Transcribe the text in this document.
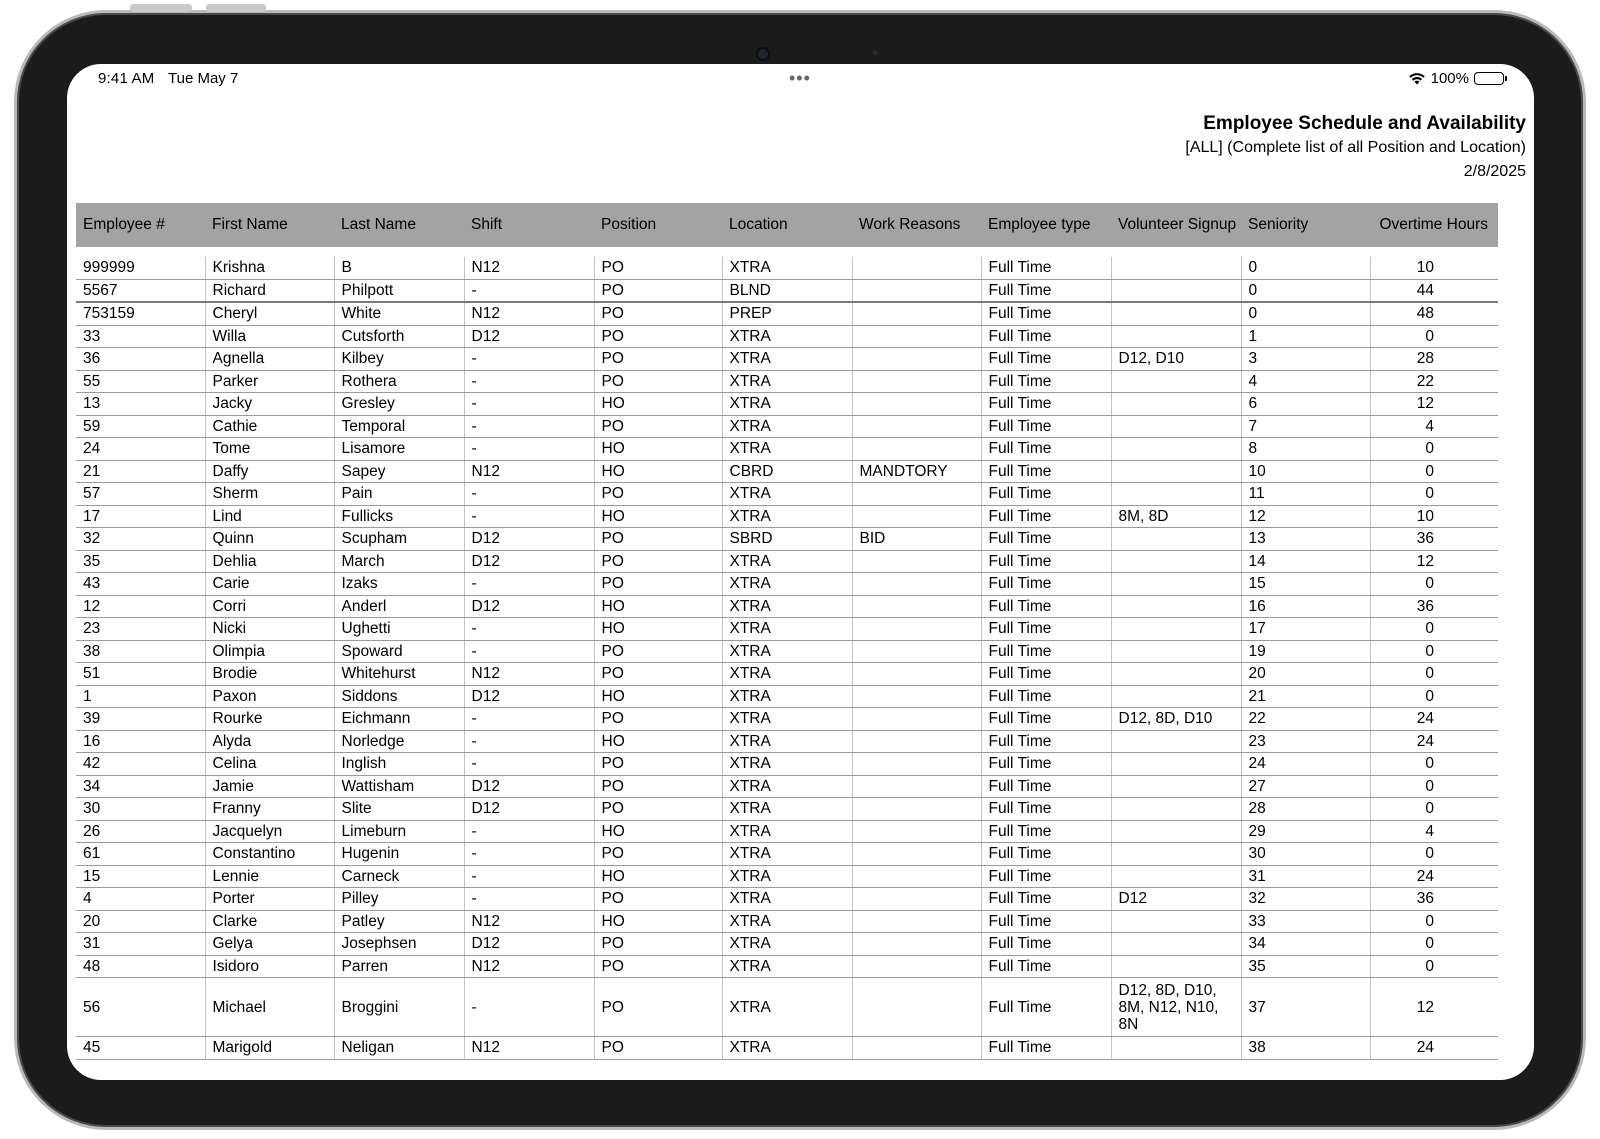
9:41 AM Tue May 7	•••	100%
Employee Schedule and Availability
[ALL] (Complete list of all Position and Location)
2/8/2025
Employee #	First Name	Last Name	Shift	Position	Location	Work Reasons	Employee type	Volunteer Signup	Seniority	Overtime Hours

999999	Krishna	B	N12	PO	XTRA		Full Time		0	10
5567	Richard	Philpott	-	PO	BLND		Full Time		0	44
753159	Cheryl	White	N12	PO	PREP		Full Time		0	48
33	Willa	Cutsforth	D12	PO	XTRA		Full Time		1	0
36	Agnella	Kilbey	-	PO	XTRA		Full Time	D12, D10	3	28
55	Parker	Rothera	-	PO	XTRA		Full Time		4	22
13	Jacky	Gresley	-	HO	XTRA		Full Time		6	12
59	Cathie	Temporal	-	PO	XTRA		Full Time		7	4
24	Tome	Lisamore	-	HO	XTRA		Full Time		8	0
21	Daffy	Sapey	N12	HO	CBRD	MANDTORY	Full Time		10	0
57	Sherm	Pain	-	PO	XTRA		Full Time		11	0
17	Lind	Fullicks	-	HO	XTRA		Full Time	8M, 8D	12	10
32	Quinn	Scupham	D12	PO	SBRD	BID	Full Time		13	36
35	Dehlia	March	D12	PO	XTRA		Full Time		14	12
43	Carie	Izaks	-	PO	XTRA		Full Time		15	0
12	Corri	Anderl	D12	HO	XTRA		Full Time		16	36
23	Nicki	Ughetti	-	HO	XTRA		Full Time		17	0
38	Olimpia	Spoward	-	PO	XTRA		Full Time		19	0
51	Brodie	Whitehurst	N12	PO	XTRA		Full Time		20	0
1	Paxon	Siddons	D12	HO	XTRA		Full Time		21	0
39	Rourke	Eichmann	-	PO	XTRA		Full Time	D12, 8D, D10	22	24
16	Alyda	Norledge	-	HO	XTRA		Full Time		23	24
42	Celina	Inglish	-	PO	XTRA		Full Time		24	0
34	Jamie	Wattisham	D12	PO	XTRA		Full Time		27	0
30	Franny	Slite	D12	PO	XTRA		Full Time		28	0
26	Jacquelyn	Limeburn	-	HO	XTRA		Full Time		29	4
61	Constantino	Hugenin	-	PO	XTRA		Full Time		30	0
15	Lennie	Carneck	-	HO	XTRA		Full Time		31	24
4	Porter	Pilley	-	PO	XTRA		Full Time	D12	32	36
20	Clarke	Patley	N12	HO	XTRA		Full Time		33	0
31	Gelya	Josephsen	D12	PO	XTRA		Full Time		34	0
48	Isidoro	Parren	N12	PO	XTRA		Full Time		35	0
56	Michael	Broggini	-	PO	XTRA		Full Time	D12, 8D, D10, 8M, N12, N10, 8N	37	12
45	Marigold	Neligan	N12	PO	XTRA		Full Time		38	24
